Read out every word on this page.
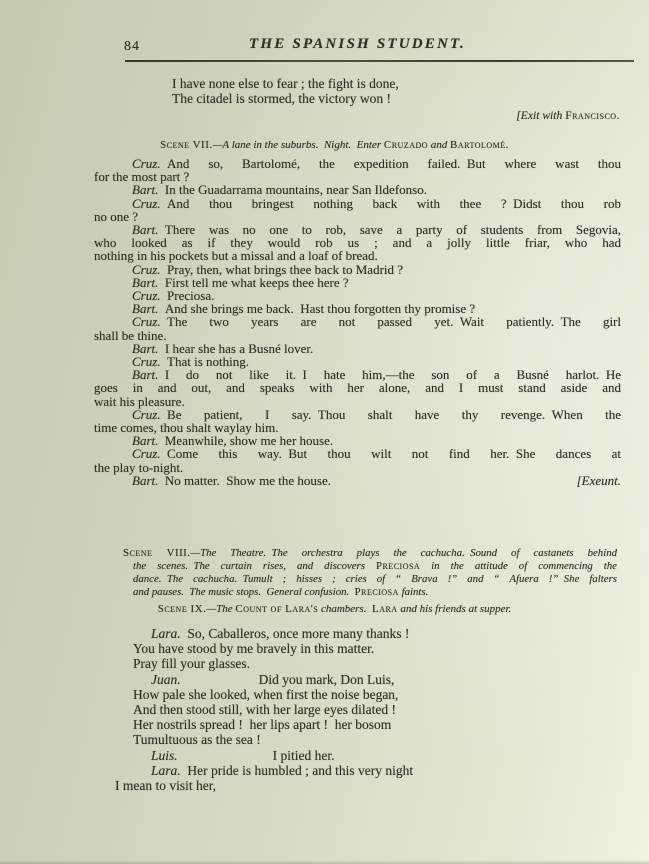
84	THE SPANISH STUDENT.
I have none else to fear ; the fight is done,
The citadel is stormed, the victory won !
[Exit with Francisco.
Scene VII.—A lane in the suburbs. Night. Enter Cruzado and Bartolomé.
Cruz.  And so, Bartolomé, the expedition failed. But where wast thou
for the most part ?
Bart.  In the Guadarrama mountains, near San Ildefonso.
Cruz.  And thou bringest nothing back with thee ? Didst thou rob
no one ?
Bart.  There was no one to rob, save a party of students from Segovia,
who looked as if they would rob us ; and a jolly little friar, who had
nothing in his pockets but a missal and a loaf of bread.
Cruz.  Pray, then, what brings thee back to Madrid ?
Bart.  First tell me what keeps thee here ?
Cruz.  Preciosa.
Bart.  And she brings me back. Hast thou forgotten thy promise ?
Cruz.  The two years are not passed yet. Wait patiently. The girl
shall be thine.
Bart.  I hear she has a Busné lover.
Cruz.  That is nothing.
Bart.  I do not like it. I hate him,—the son of a Busné harlot. He
goes in and out, and speaks with her alone, and I must stand aside and
wait his pleasure.
Cruz.  Be patient, I say. Thou shalt have thy revenge. When the
time comes, thou shalt waylay him.
Bart.  Meanwhile, show me her house.
Cruz.  Come this way. But thou wilt not find her. She dances at
the play to-night.
[Exeunt.
Bart.  No matter. Show me the house.
Scene VIII.—The Theatre. The orchestra plays the cachucha. Sound of castanets behind
the scenes. The curtain rises, and discovers Preciosa in the attitude of commencing the
dance. The cachucha. Tumult ; hisses ; cries of “ Brava !” and “ Afuera !” She falters
and pauses. The music stops. General confusion. Preciosa faints.
Scene IX.—The Count of Lara's chambers. Lara and his friends at supper.
Lara.  So, Caballeros, once more many thanks !
You have stood by me bravely in this matter.
Pray fill your glasses.
Juan.	Did you mark, Don Luis,
How pale she looked, when first the noise began,
And then stood still, with her large eyes dilated !
Her nostrils spread ! her lips apart ! her bosom
Tumultuous as the sea !
Luis.	I pitied her.
Lara.  Her pride is humbled ; and this very night
I mean to visit her,
